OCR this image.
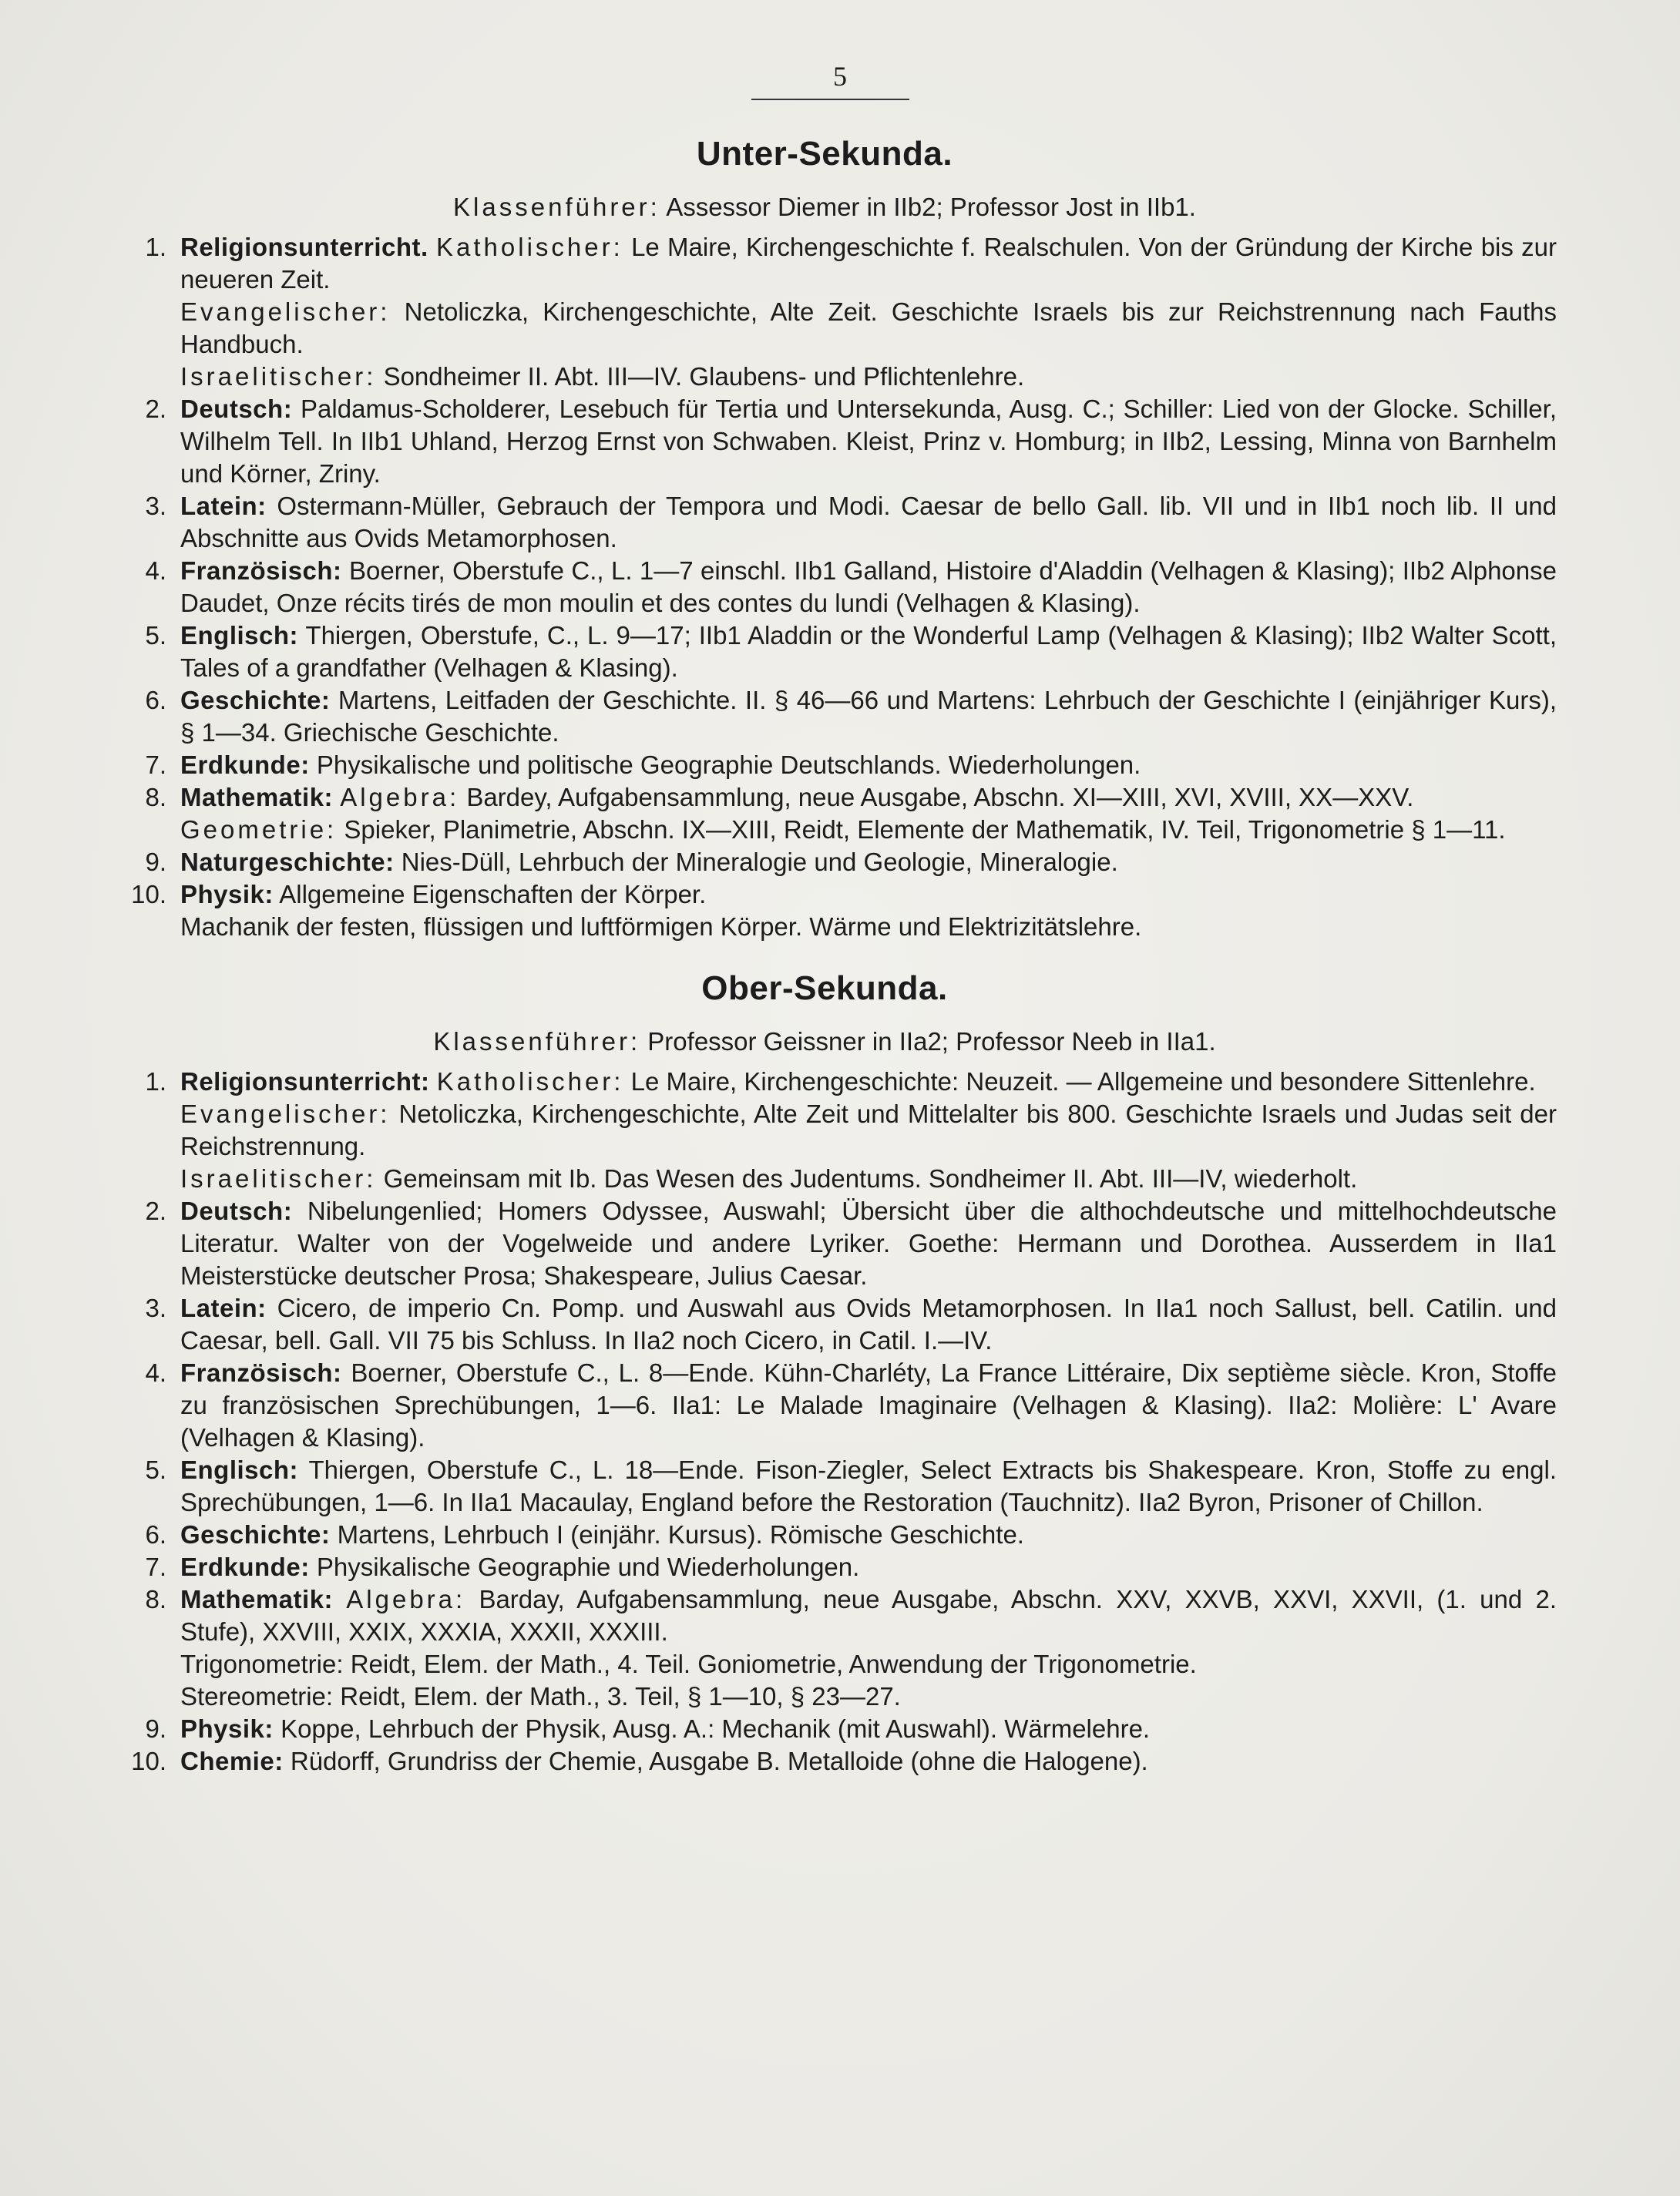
5
Unter-Sekunda.
Klassenführer: Assessor Diemer in IIb2; Professor Jost in IIb1.
1. Religionsunterricht. Katholischer: Le Maire, Kirchengeschichte f. Realschulen. Von der Gründung der Kirche bis zur neueren Zeit.
Evangelischer: Netoliczka, Kirchengeschichte, Alte Zeit. Geschichte Israels bis zur Reichstrennung nach Fauths Handbuch.
Israelitischer: Sondheimer II. Abt. III—IV. Glaubens- und Pflichtenlehre.
2. Deutsch: Paldamus-Scholderer, Lesebuch für Tertia und Untersekunda, Ausg. C.; Schiller: Lied von der Glocke. Schiller, Wilhelm Tell. In IIb1 Uhland, Herzog Ernst von Schwaben. Kleist, Prinz v. Homburg; in IIb2, Lessing, Minna von Barnhelm und Körner, Zriny.
3. Latein: Ostermann-Müller, Gebrauch der Tempora und Modi. Caesar de bello Gall. lib. VII und in IIb1 noch lib. II und Abschnitte aus Ovids Metamorphosen.
4. Französisch: Boerner, Oberstufe C., L. 1—7 einschl. IIb1 Galland, Histoire d'Aladdin (Velhagen & Klasing); IIb2 Alphonse Daudet, Onze récits tirés de mon moulin et des contes du lundi (Velhagen & Klasing).
5. Englisch: Thiergen, Oberstufe, C., L. 9—17; IIb1 Aladdin or the Wonderful Lamp (Velhagen & Klasing); IIb2 Walter Scott, Tales of a grandfather (Velhagen & Klasing).
6. Geschichte: Martens, Leitfaden der Geschichte. II. § 46—66 und Martens: Lehrbuch der Geschichte I (einjähriger Kurs), § 1—34. Griechische Geschichte.
7. Erdkunde: Physikalische und politische Geographie Deutschlands. Wiederholungen.
8. Mathematik: Algebra: Bardey, Aufgabensammlung, neue Ausgabe, Abschn. XI—XIII, XVI, XVIII, XX—XXV.
Geometrie: Spieker, Planimetrie, Abschn. IX—XIII, Reidt, Elemente der Mathematik, IV. Teil, Trigonometrie § 1—11.
9. Naturgeschichte: Nies-Düll, Lehrbuch der Mineralogie und Geologie, Mineralogie.
10. Physik: Allgemeine Eigenschaften der Körper.
Machanik der festen, flüssigen und luftförmigen Körper. Wärme und Elektrizitätslehre.
Ober-Sekunda.
Klassenführer: Professor Geissner in IIa2; Professor Neeb in IIa1.
1. Religionsunterricht: Katholischer: Le Maire, Kirchengeschichte: Neuzeit. — Allgemeine und besondere Sittenlehre.
Evangelischer: Netoliczka, Kirchengeschichte, Alte Zeit und Mittelalter bis 800. Geschichte Israels und Judas seit der Reichstrennung.
Israelitischer: Gemeinsam mit Ib. Das Wesen des Judentums. Sondheimer II. Abt. III—IV, wiederholt.
2. Deutsch: Nibelungenlied; Homers Odyssee, Auswahl; Übersicht über die althochdeutsche und mittelhochdeutsche Literatur. Walter von der Vogelweide und andere Lyriker. Goethe: Hermann und Dorothea. Ausserdem in IIa1 Meisterstücke deutscher Prosa; Shakespeare, Julius Caesar.
3. Latein: Cicero, de imperio Cn. Pomp. und Auswahl aus Ovids Metamorphosen. In IIa1 noch Sallust, bell. Catilin. und Caesar, bell. Gall. VII 75 bis Schluss. In IIa2 noch Cicero, in Catil. I.—IV.
4. Französisch: Boerner, Oberstufe C., L. 8—Ende. Kühn-Charléty, La France Littéraire, Dix septième siècle. Kron, Stoffe zu französischen Sprechübungen, 1—6. IIa1: Le Malade Imaginaire (Velhagen & Klasing). IIa2: Molière: L' Avare (Velhagen & Klasing).
5. Englisch: Thiergen, Oberstufe C., L. 18—Ende. Fison-Ziegler, Select Extracts bis Shakespeare. Kron, Stoffe zu engl. Sprechübungen, 1—6. In IIa1 Macaulay, England before the Restoration (Tauchnitz). IIa2 Byron, Prisoner of Chillon.
6. Geschichte: Martens, Lehrbuch I (einjähr. Kursus). Römische Geschichte.
7. Erdkunde: Physikalische Geographie und Wiederholungen.
8. Mathematik: Algebra: Barday, Aufgabensammlung, neue Ausgabe, Abschn. XXV, XXVB, XXVI, XXVII, (1. und 2. Stufe), XXVIII, XXIX, XXXIA, XXXII, XXXIII.
Trigonometrie: Reidt, Elem. der Math., 4. Teil. Goniometrie, Anwendung der Trigonometrie.
Stereometrie: Reidt, Elem. der Math., 3. Teil, § 1—10, § 23—27.
9. Physik: Koppe, Lehrbuch der Physik, Ausg. A.: Mechanik (mit Auswahl). Wärmelehre.
10. Chemie: Rüdorff, Grundriss der Chemie, Ausgabe B. Metalloide (ohne die Halogene).
